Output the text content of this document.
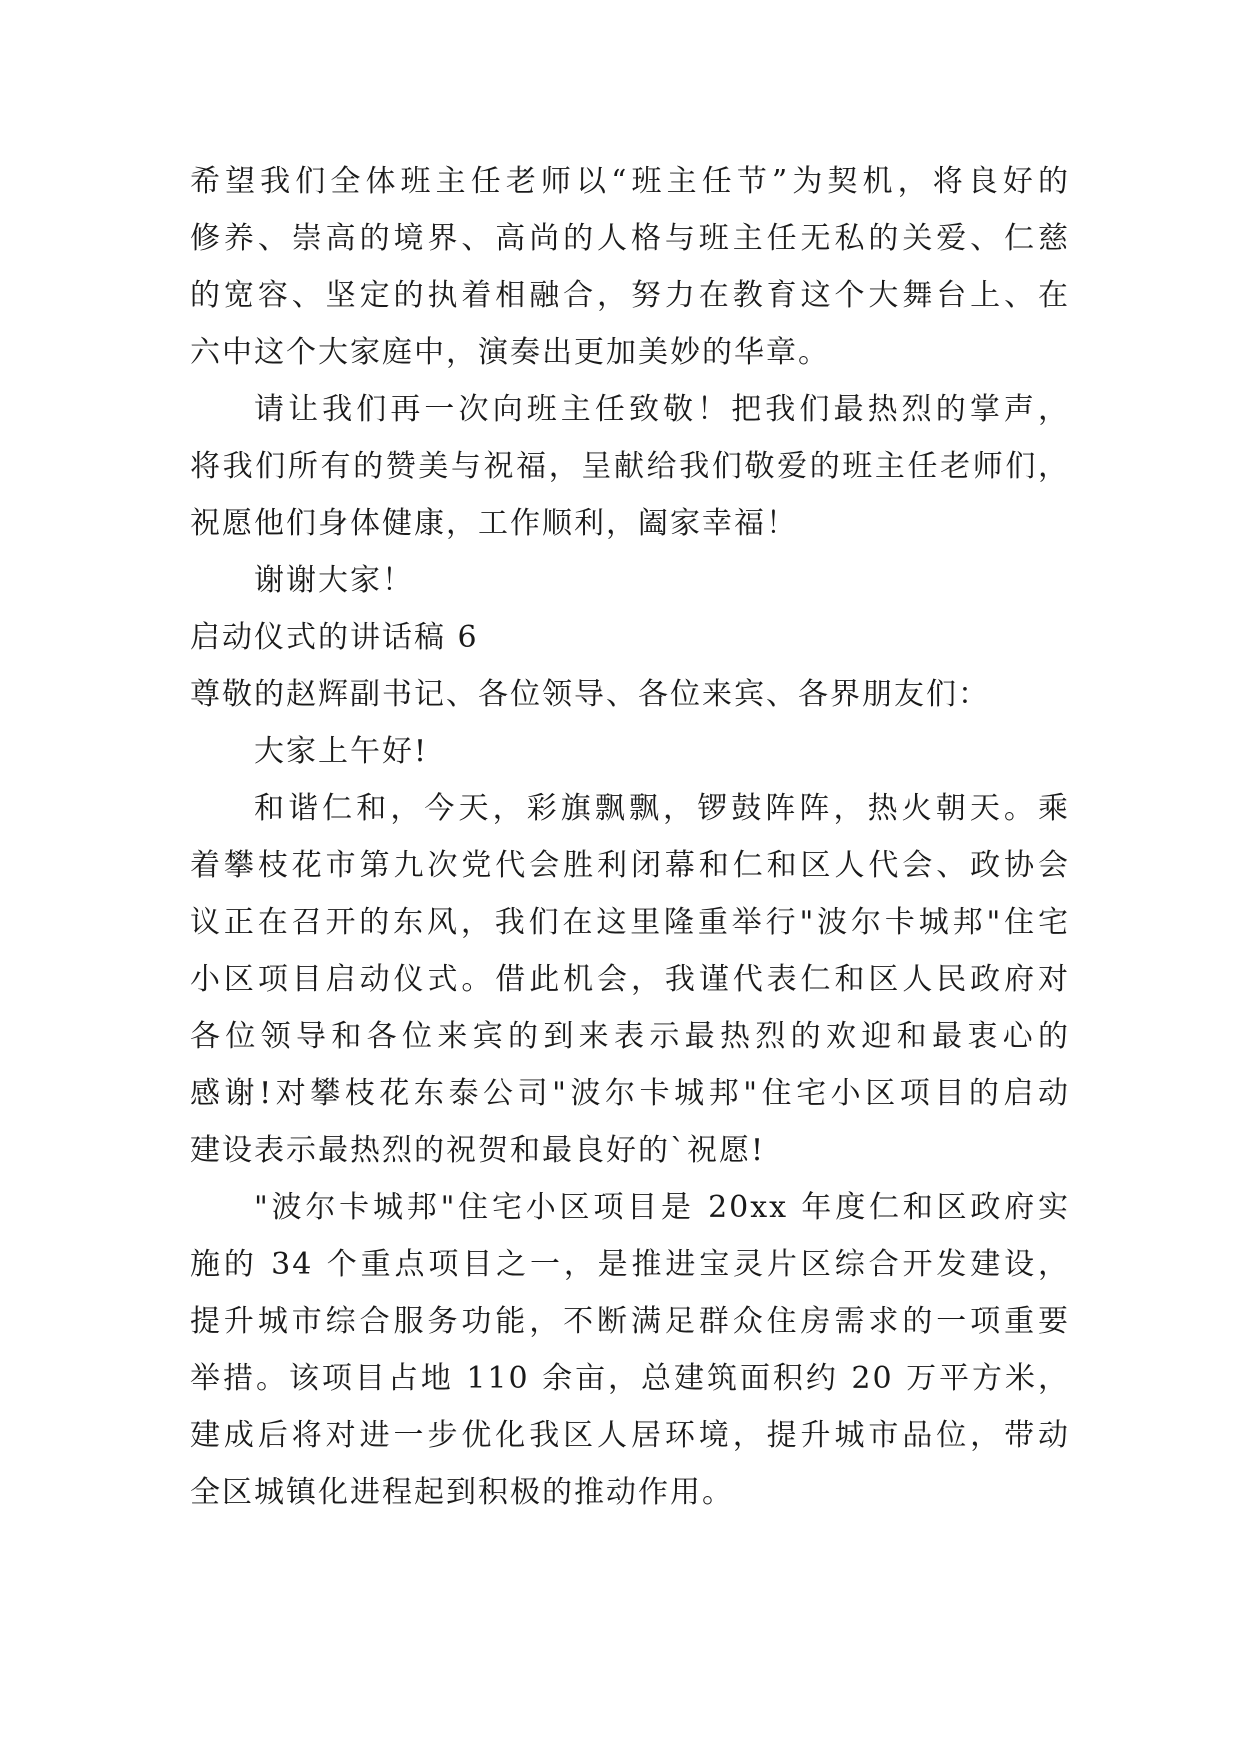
希望我们全体班主任老师以“班主任节”为契机，将良好的
修养、崇高的境界、高尚的人格与班主任无私的关爱、仁慈
的宽容、坚定的执着相融合，努力在教育这个大舞台上、在
六中这个大家庭中，演奏出更加美妙的华章。
请让我们再一次向班主任致敬！把我们最热烈的掌声，
将我们所有的赞美与祝福，呈献给我们敬爱的班主任老师们，
祝愿他们身体健康，工作顺利，阖家幸福！
谢谢大家！
启动仪式的讲话稿 6
尊敬的赵辉副书记、各位领导、各位来宾、各界朋友们：
大家上午好!
和谐仁和，今天，彩旗飘飘，锣鼓阵阵，热火朝天。乘
着攀枝花市第九次党代会胜利闭幕和仁和区人代会、政协会
议正在召开的东风，我们在这里隆重举行"波尔卡城邦"住宅
小区项目启动仪式。借此机会，我谨代表仁和区人民政府对
各位领导和各位来宾的到来表示最热烈的欢迎和最衷心的
感谢!对攀枝花东泰公司"波尔卡城邦"住宅小区项目的启动
建设表示最热烈的祝贺和最良好的`祝愿!
"波尔卡城邦"住宅小区项目是 20xx 年度仁和区政府实
施的 34 个重点项目之一，是推进宝灵片区综合开发建设，
提升城市综合服务功能，不断满足群众住房需求的一项重要
举措。该项目占地 110 余亩，总建筑面积约 20 万平方米，
建成后将对进一步优化我区人居环境，提升城市品位，带动
全区城镇化进程起到积极的推动作用。
